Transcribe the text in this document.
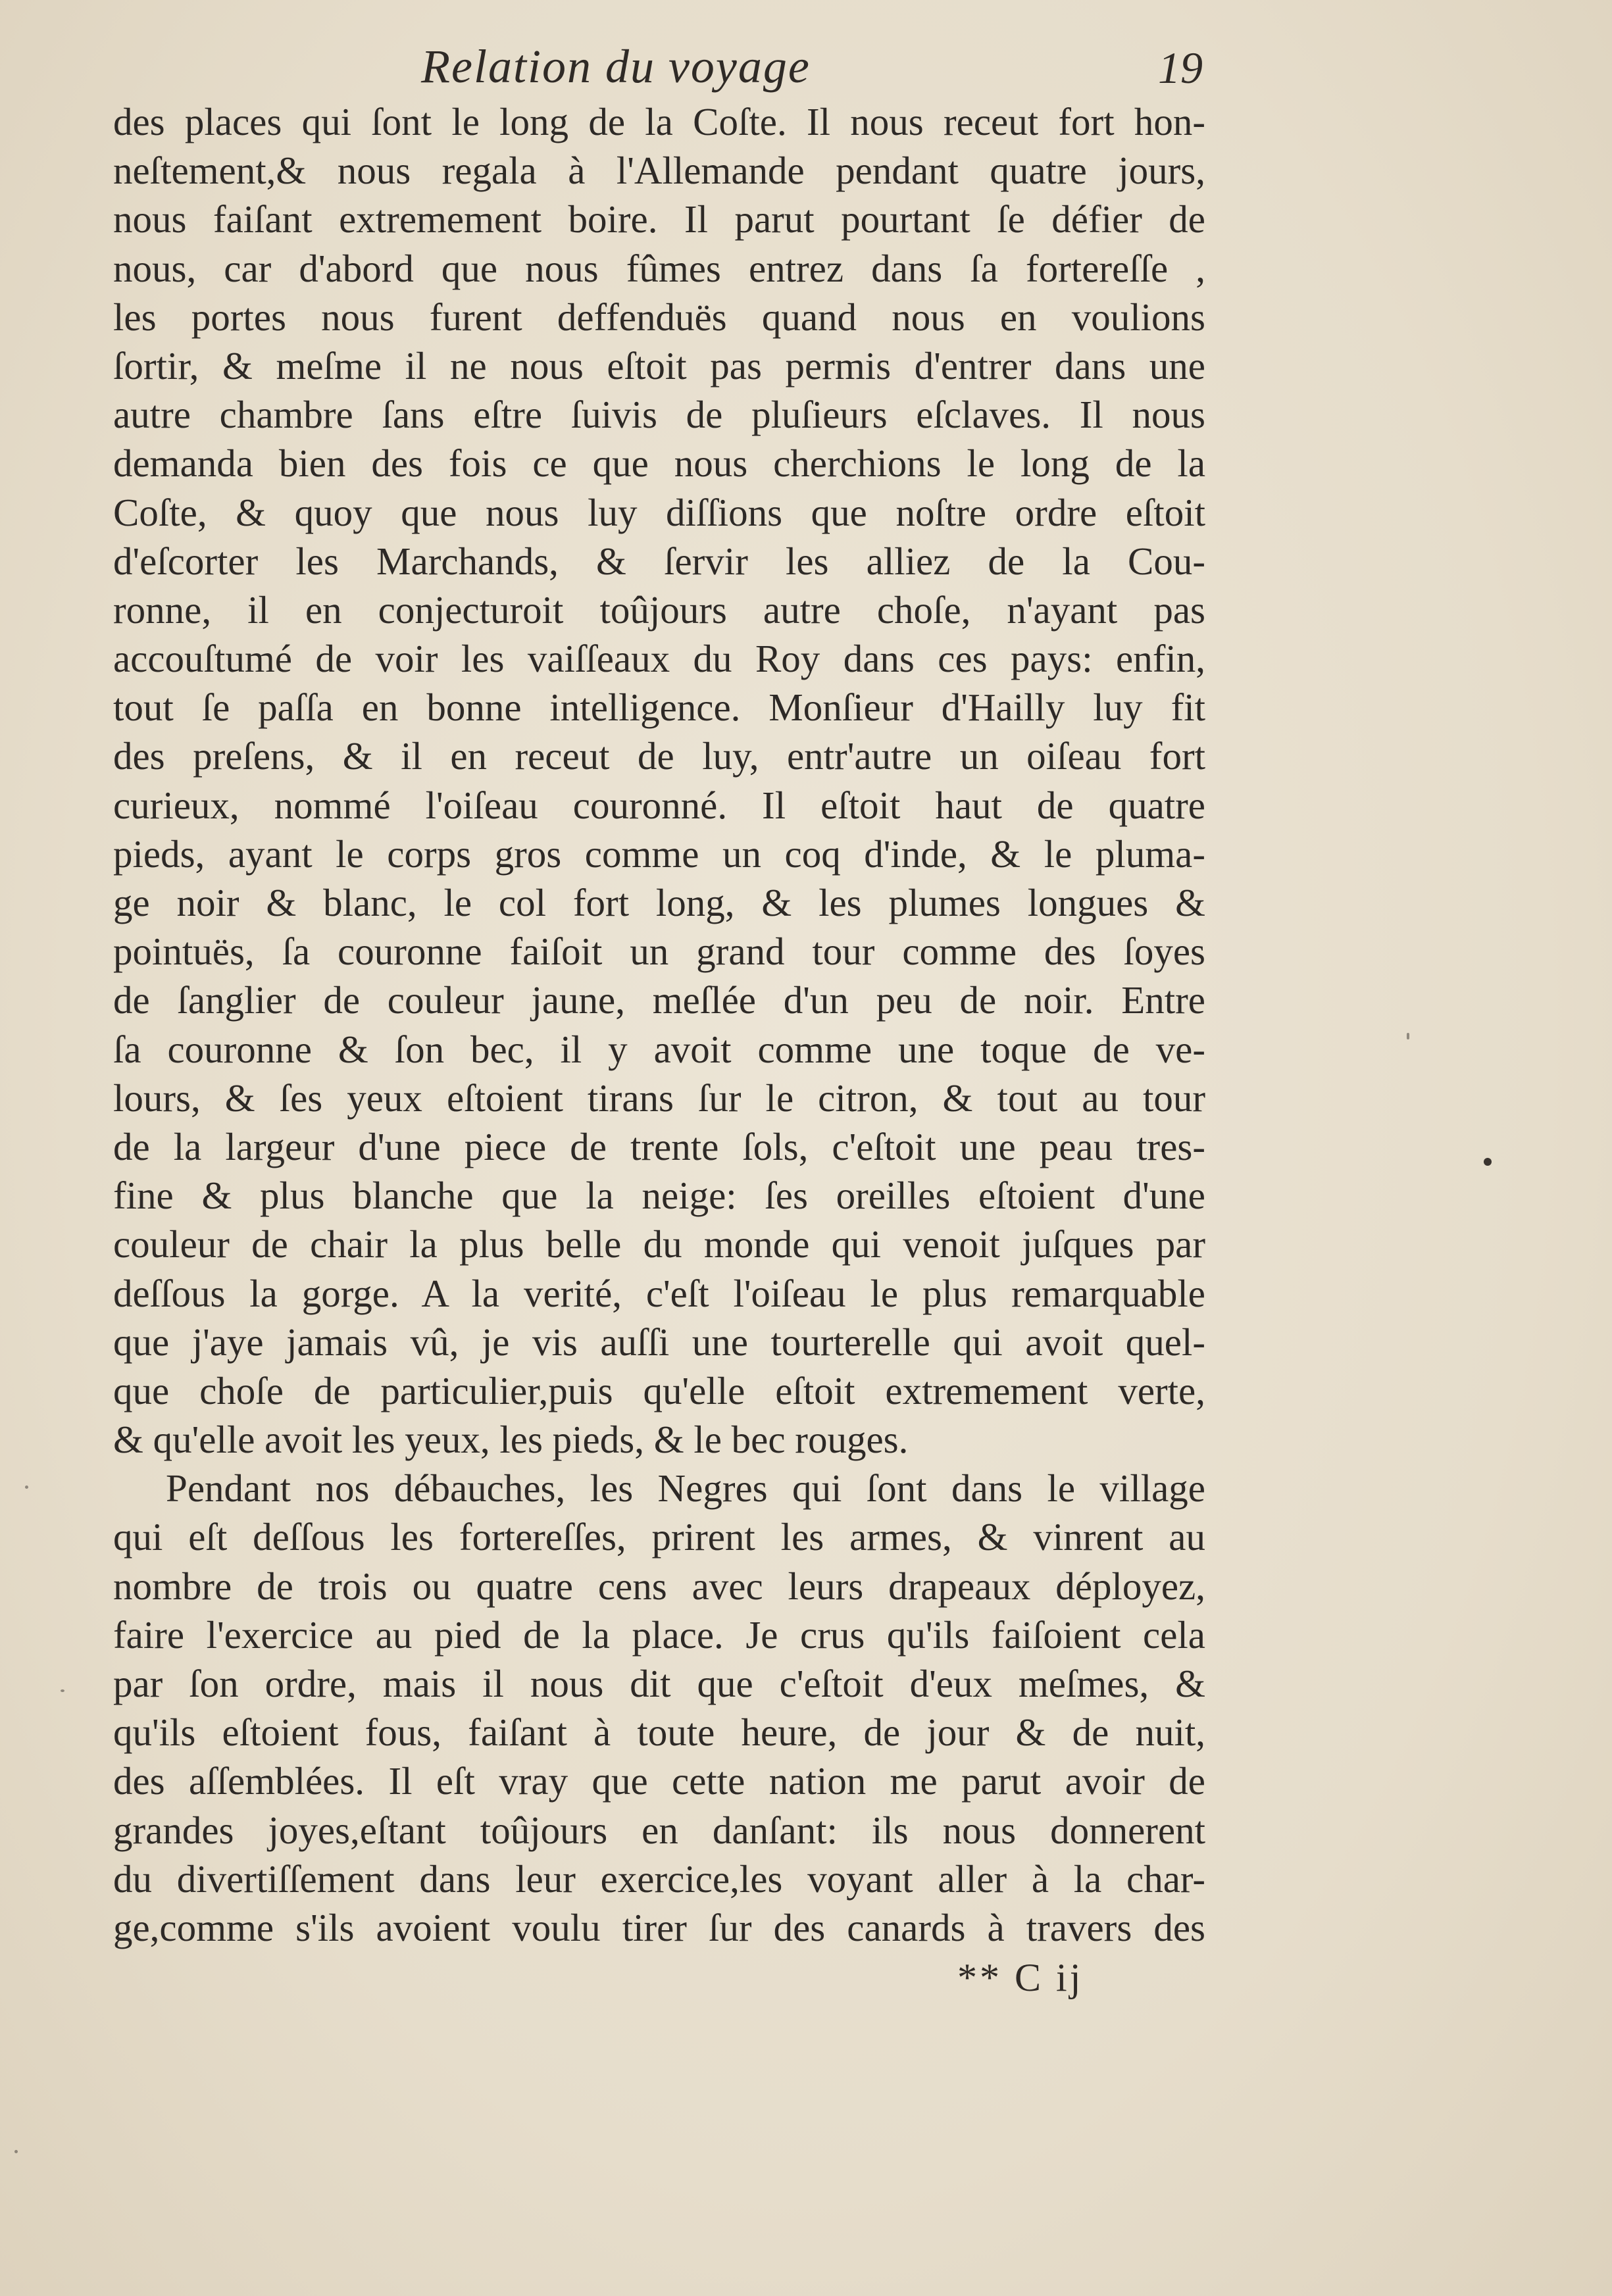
Relation du voyage	19
des places qui ſont le long de la Coſte. Il nous receut fort hon-
neſtement,& nous regala à l'Allemande pendant quatre jours,
nous faiſant extremement boire. Il parut pourtant ſe défier de
nous, car d'abord que nous fûmes entrez dans ſa fortereſſe ,
les portes nous furent deffenduës quand nous en voulions
ſortir, & meſme il ne nous eſtoit pas permis d'entrer dans une
autre chambre ſans eſtre ſuivis de pluſieurs eſclaves. Il nous
demanda bien des fois ce que nous cherchions le long de la
Coſte, & quoy que nous luy diſſions que noſtre ordre eſtoit
d'eſcorter les Marchands, & ſervir les alliez de la Cou-
ronne, il en conjecturoit toûjours autre choſe, n'ayant pas
accouſtumé de voir les vaiſſeaux du Roy dans ces pays: enfin,
tout ſe paſſa en bonne intelligence. Monſieur d'Hailly luy fit
des preſens, & il en receut de luy, entr'autre un oiſeau fort
curieux, nommé l'oiſeau couronné. Il eſtoit haut de quatre
pieds, ayant le corps gros comme un coq d'inde, & le pluma-
ge noir & blanc, le col fort long, & les plumes longues &
pointuës, ſa couronne faiſoit un grand tour comme des ſoyes
de ſanglier de couleur jaune, meſlée d'un peu de noir. Entre
ſa couronne & ſon bec, il y avoit comme une toque de ve-
lours, & ſes yeux eſtoient tirans ſur le citron, & tout au tour
de la largeur d'une piece de trente ſols, c'eſtoit une peau tres-
fine & plus blanche que la neige: ſes oreilles eſtoient d'une
couleur de chair la plus belle du monde qui venoit juſques par
deſſous la gorge. A la verité, c'eſt l'oiſeau le plus remarquable
que j'aye jamais vû, je vis auſſi une tourterelle qui avoit quel-
que choſe de particulier,puis qu'elle eſtoit extremement verte,
& qu'elle avoit les yeux, les pieds, & le bec rouges.
Pendant nos débauches, les Negres qui ſont dans le village
qui eſt deſſous les fortereſſes, prirent les armes, & vinrent au
nombre de trois ou quatre cens avec leurs drapeaux déployez,
faire l'exercice au pied de la place. Je crus qu'ils faiſoient cela
par ſon ordre, mais il nous dit que c'eſtoit d'eux meſmes, &
qu'ils eſtoient fous, faiſant à toute heure, de jour & de nuit,
des aſſemblées. Il eſt vray que cette nation me parut avoir de
grandes joyes,eſtant toûjours en danſant: ils nous donnerent
du divertiſſement dans leur exercice,les voyant aller à la char-
ge,comme s'ils avoient voulu tirer ſur des canards à travers des
** C ij
